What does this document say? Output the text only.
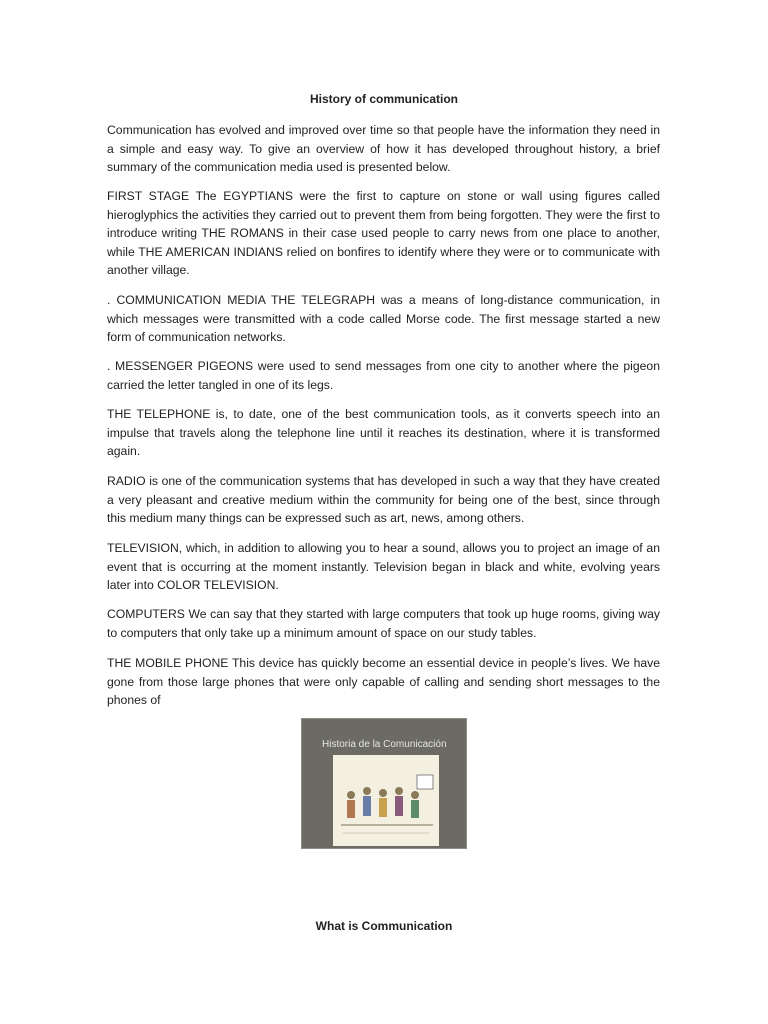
History of communication

Communication has evolved and improved over time so that people have the information they need in a simple and easy way. To give an overview of how it has developed throughout history, a brief summary of the communication media used is presented below.

FIRST STAGE The EGYPTIANS were the first to capture on stone or wall using figures called hieroglyphics the activities they carried out to prevent them from being forgotten. They were the first to introduce writing THE ROMANS in their case used people to carry news from one place to another, while THE AMERICAN INDIANS relied on bonfires to identify where they were or to communicate with another village.

. COMMUNICATION MEDIA THE TELEGRAPH was a means of long-distance communication, in which messages were transmitted with a code called Morse code. The first message started a new form of communication networks.

. MESSENGER PIGEONS were used to send messages from one city to another where the pigeon carried the letter tangled in one of its legs.

THE TELEPHONE is, to date, one of the best communication tools, as it converts speech into an impulse that travels along the telephone line until it reaches its destination, where it is transformed again.

RADIO is one of the communication systems that has developed in such a way that they have created a very pleasant and creative medium within the community for being one of the best, since through this medium many things can be expressed such as art, news, among others.

TELEVISION, which, in addition to allowing you to hear a sound, allows you to project an image of an event that is occurring at the moment instantly. Television began in black and white, evolving years later into COLOR TELEVISION.

COMPUTERS We can say that they started with large computers that took up huge rooms, giving way to computers that only take up a minimum amount of space on our study tables.

THE MOBILE PHONE This device has quickly become an essential device in people’s lives. We have gone from those large phones that were only capable of calling and sending short messages to the phones of

Historia de la Comunicación
What is Communication
